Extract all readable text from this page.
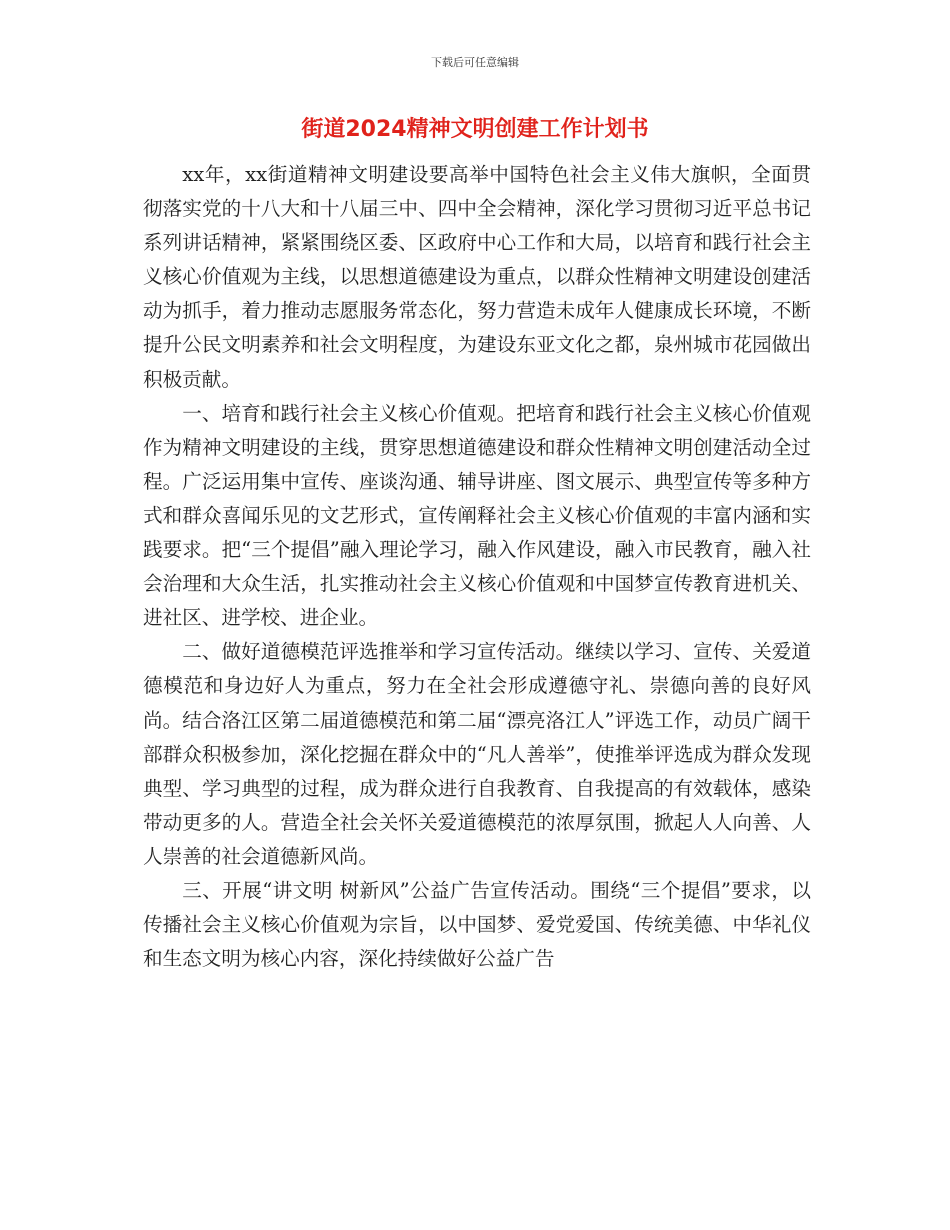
下载后可任意编辑
街道2024精神文明创建工作计划书

xx年，xx街道精神文明建设要高举中国特色社会主义伟大旗帜，全面贯彻落实党的十八大和十八届三中、四中全会精神，深化学习贯彻习近平总书记系列讲话精神，紧紧围绕区委、区政府中心工作和大局，以培育和践行社会主义核心价值观为主线，以思想道德建设为重点，以群众性精神文明建设创建活动为抓手，着力推动志愿服务常态化，努力营造未成年人健康成长环境，不断提升公民文明素养和社会文明程度，为建设东亚文化之都，泉州城市花园做出积极贡献。

一、培育和践行社会主义核心价值观。把培育和践行社会主义核心价值观作为精神文明建设的主线，贯穿思想道德建设和群众性精神文明创建活动全过程。广泛运用集中宣传、座谈沟通、辅导讲座、图文展示、典型宣传等多种方式和群众喜闻乐见的文艺形式，宣传阐释社会主义核心价值观的丰富内涵和实践要求。把“三个提倡”融入理论学习，融入作风建设，融入市民教育，融入社会治理和大众生活，扎实推动社会主义核心价值观和中国梦宣传教育进机关、进社区、进学校、进企业。

二、做好道德模范评选推举和学习宣传活动。继续以学习、宣传、关爱道德模范和身边好人为重点，努力在全社会形成遵德守礼、崇德向善的良好风尚。结合洛江区第二届道德模范和第二届“漂亮洛江人”评选工作，动员广阔干部群众积极参加，深化挖掘在群众中的“凡人善举”，使推举评选成为群众发现典型、学习典型的过程，成为群众进行自我教育、自我提高的有效载体，感染带动更多的人。营造全社会关怀关爱道德模范的浓厚氛围，掀起人人向善、人人崇善的社会道德新风尚。

三、开展“讲文明 树新风”公益广告宣传活动。围绕“三个提倡”要求，以传播社会主义核心价值观为宗旨，以中国梦、爱党爱国、传统美德、中华礼仪和生态文明为核心内容，深化持续做好公益广告
